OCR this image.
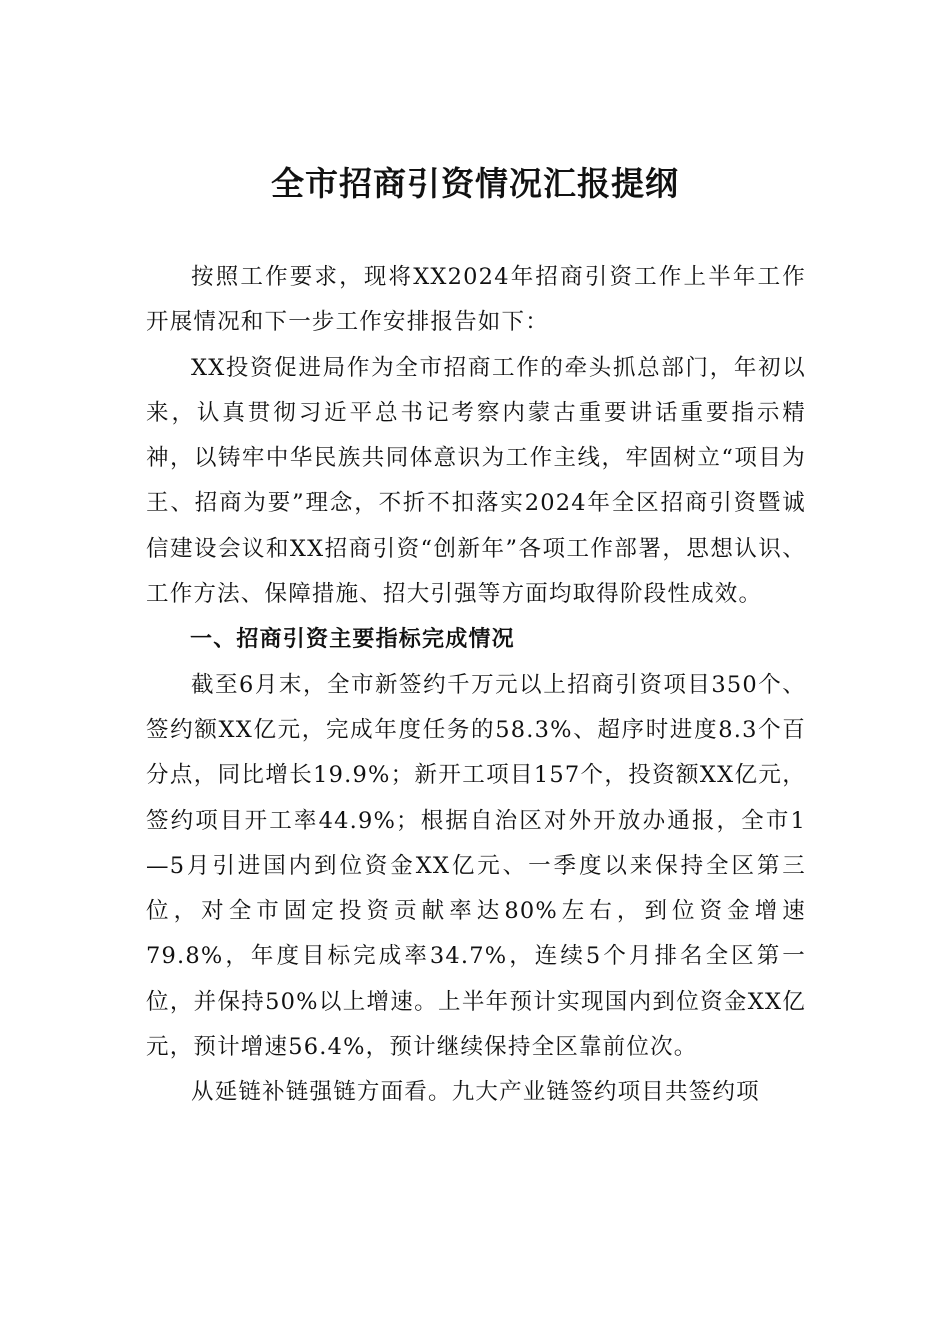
全市招商引资情况汇报提纲

按照工作要求，现将XX2024年招商引资工作上半年工作开展情况和下一步工作安排报告如下：

XX投资促进局作为全市招商工作的牵头抓总部门，年初以来，认真贯彻习近平总书记考察内蒙古重要讲话重要指示精神，以铸牢中华民族共同体意识为工作主线，牢固树立“项目为王、招商为要”理念，不折不扣落实2024年全区招商引资暨诚信建设会议和XX招商引资“创新年”各项工作部署，思想认识、工作方法、保障措施、招大引强等方面均取得阶段性成效。

一、招商引资主要指标完成情况

截至6月末，全市新签约千万元以上招商引资项目350个、签约额XX亿元，完成年度任务的58.3%、超序时进度8.3个百分点，同比增长19.9%；新开工项目157个，投资额XX亿元，签约项目开工率44.9%；根据自治区对外开放办通报，全市1—5月引进国内到位资金XX亿元、一季度以来保持全区第三位，对全市固定投资贡献率达80%左右，到位资金增速79.8%，年度目标完成率34.7%，连续5个月排名全区第一位，并保持50%以上增速。上半年预计实现国内到位资金XX亿元，预计增速56.4%，预计继续保持全区靠前位次。

从延链补链强链方面看。九大产业链签约项目共签约项
